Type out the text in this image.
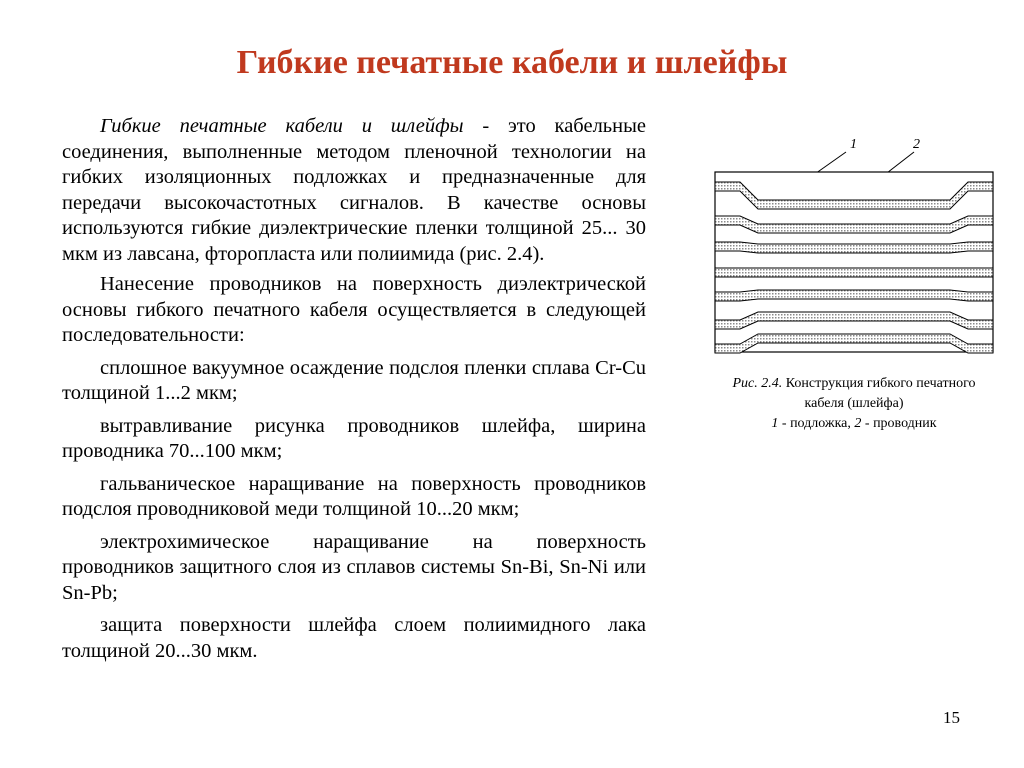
Гибкие печатные кабели и шлейфы

Гибкие печатные кабели и шлейфы - это кабельные соединения, выполненные методом пленочной технологии на гибких изоляционных подложках и предназначенные для передачи высокочастотных сигналов. В качестве основы используются гибкие диэлектрические пленки толщиной 25... 30 мкм из лавсана, фторопласта или полиимида (рис. 2.4).

Нанесение проводников на поверхность диэлектрической основы гибкого печатного кабеля осуществляется в следующей последовательности:

сплошное вакуумное осаждение подслоя пленки сплава Cr-Cu толщиной 1...2 мкм;

вытравливание рисунка проводников шлейфа, ширина проводника 70...100 мкм;

гальваническое наращивание на поверхность проводников подслоя проводниковой меди толщиной 10...20 мкм;

электрохимическое наращивание на поверхность проводников защитного слоя из сплавов системы Sn-Bi, Sn-Ni или Sn-Pb;

защита поверхности шлейфа слоем полиимидного лака толщиной 20...30 мкм.

1	2
Рис. 2.4. Конструкция гибкого печатного кабеля (шлейфа)
1 - подложка, 2 - проводник
15
